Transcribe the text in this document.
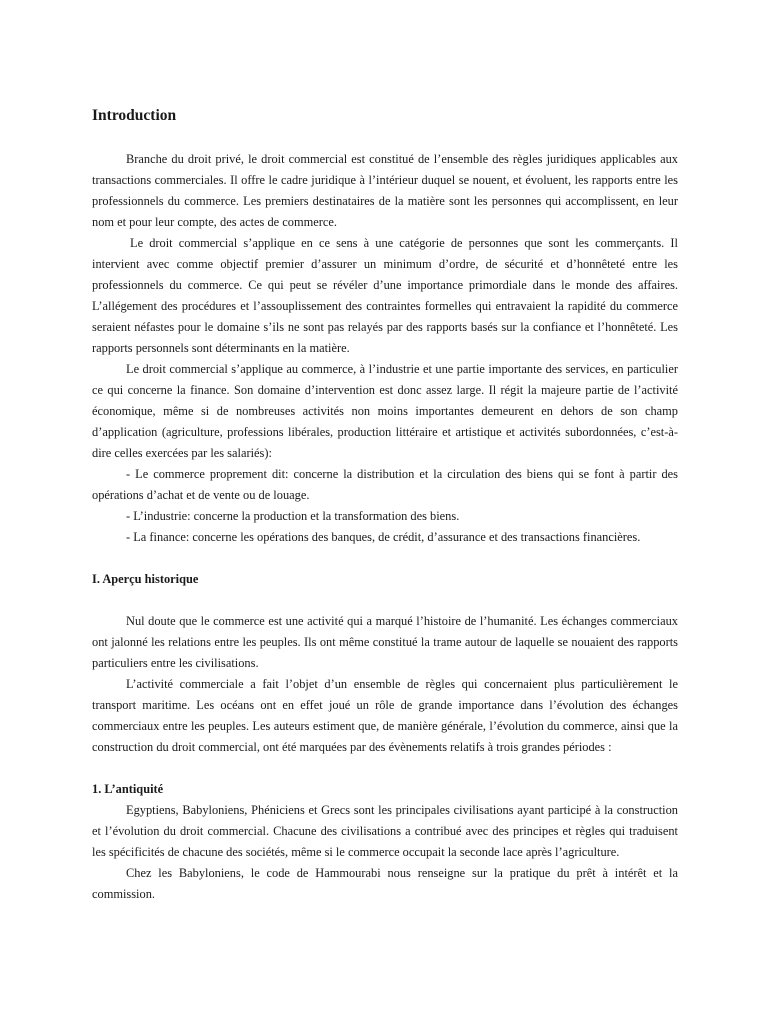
Introduction

Branche du droit privé, le droit commercial est constitué de l’ensemble des règles juridiques applicables aux transactions commerciales. Il offre le cadre juridique à l’intérieur duquel se nouent, et évoluent, les rapports entre les professionnels du commerce. Les premiers destinataires de la matière sont les personnes qui accomplissent, en leur nom et pour leur compte, des actes de commerce.

Le droit commercial s’applique en ce sens à une catégorie de personnes que sont les commerçants. Il intervient avec comme objectif premier d’assurer un minimum d’ordre, de sécurité et d’honnêteté entre les professionnels du commerce. Ce qui peut se révéler d’une importance primordiale dans le monde des affaires. L’allégement des procédures et l’assouplissement des contraintes formelles qui entravaient la rapidité du commerce seraient néfastes pour le domaine s’ils ne sont pas relayés par des rapports basés sur la confiance et l’honnêteté. Les rapports personnels sont déterminants en la matière.

Le droit commercial s’applique au commerce, à l’industrie et une partie importante des services, en particulier ce qui concerne la finance. Son domaine d’intervention est donc assez large. Il régit la majeure partie de l’activité économique, même si de nombreuses activités non moins importantes demeurent en dehors de son champ d’application (agriculture, professions libérales, production littéraire et artistique et activités subordonnées, c’est-à-dire celles exercées par les salariés):

- Le commerce proprement dit: concerne la distribution et la circulation des biens qui se font à partir des opérations d’achat et de vente ou de louage.

- L’industrie: concerne la production et la transformation des biens.

- La finance: concerne les opérations des banques, de crédit, d’assurance et des transactions financières.

I. Aperçu historique

Nul doute que le commerce est une activité qui a marqué l’histoire de l’humanité. Les échanges commerciaux ont jalonné les relations entre les peuples. Ils ont même constitué la trame autour de laquelle se nouaient des rapports particuliers entre les civilisations.

L’activité commerciale a fait l’objet d’un ensemble de règles qui concernaient plus particulièrement le transport maritime. Les océans ont en effet joué un rôle de grande importance dans l’évolution des échanges commerciaux entre les peuples. Les auteurs estiment que, de manière générale, l’évolution du commerce, ainsi que la construction du droit commercial, ont été marquées par des évènements relatifs à trois grandes périodes :

1. L’antiquité

Egyptiens, Babyloniens, Phéniciens et Grecs sont les principales civilisations ayant participé à la construction et l’évolution du droit commercial. Chacune des civilisations a contribué avec des principes et règles qui traduisent les spécificités de chacune des sociétés, même si le commerce occupait la seconde lace après l’agriculture.

Chez les Babyloniens, le code de Hammourabi nous renseigne sur la pratique du prêt à intérêt et la commission.
